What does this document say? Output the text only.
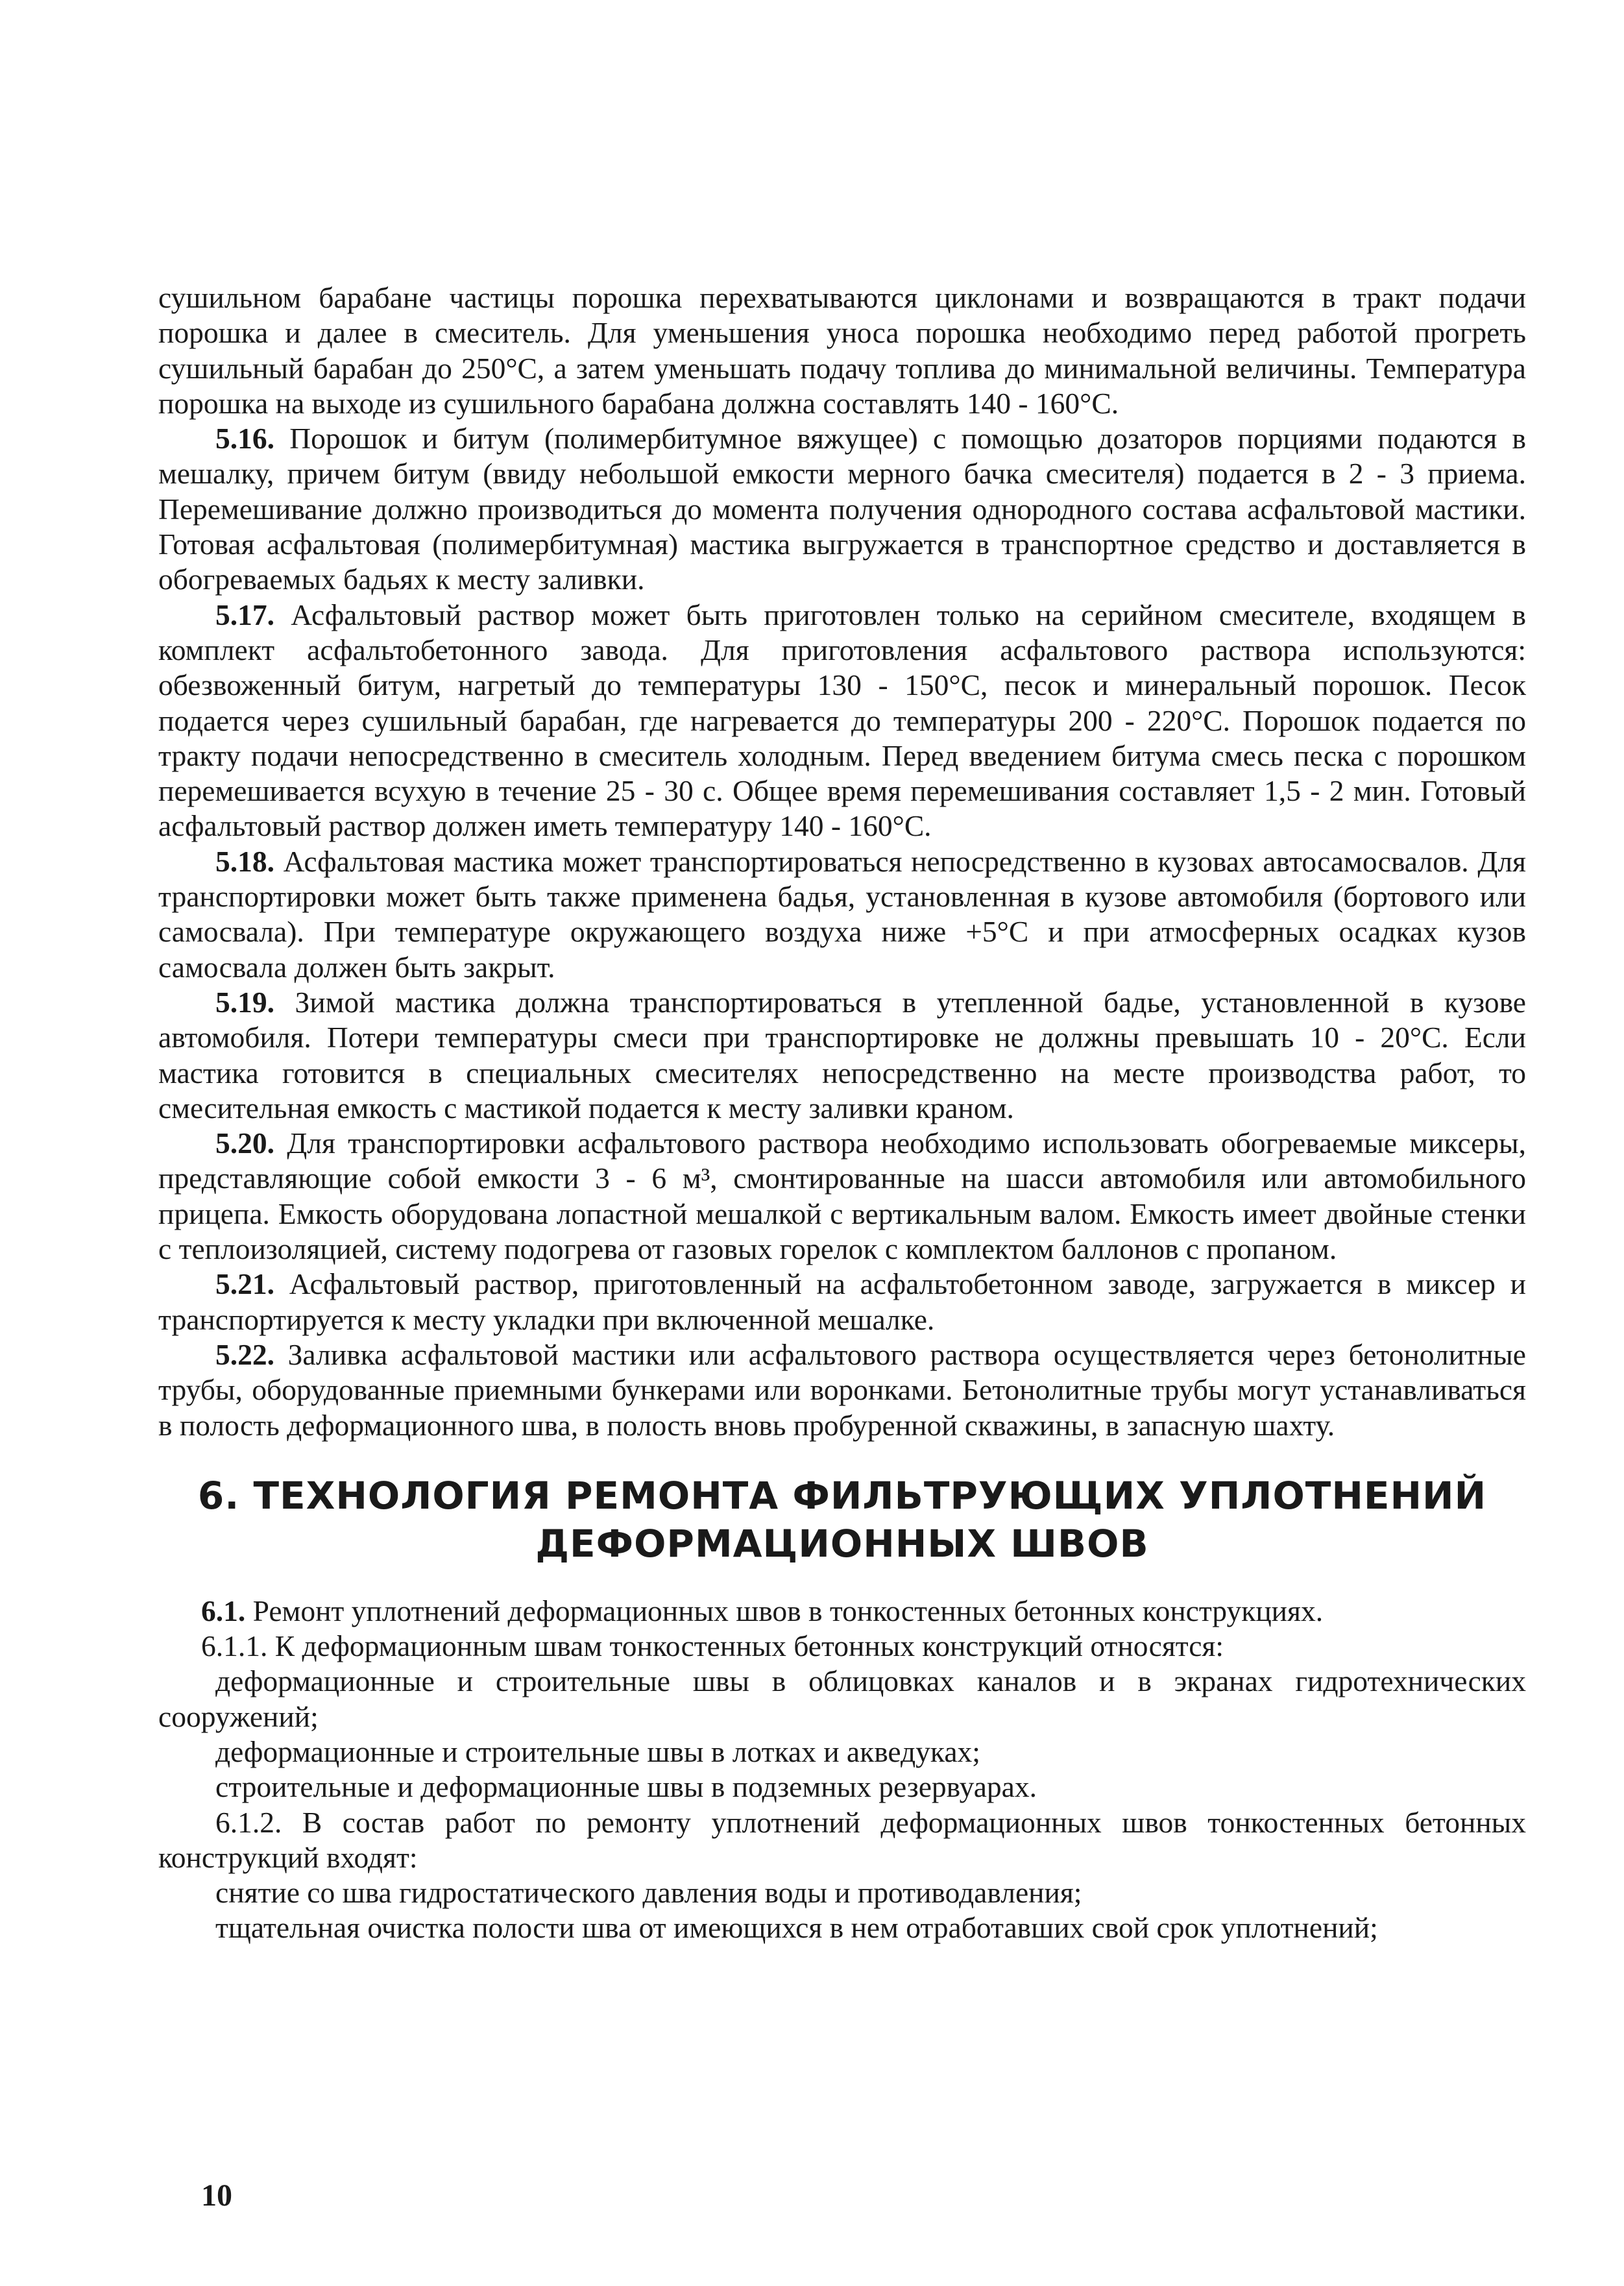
сушильном барабане частицы порошка перехватываются циклонами и возвращаются в тракт подачи порошка и далее в смеситель. Для уменьшения уноса порошка необходимо перед работой прогреть сушильный барабан до 250°С, а затем уменьшать подачу топлива до минимальной величины. Температура порошка на выходе из сушильного барабана должна составлять 140 - 160°С.

5.16. Порошок и битум (полимербитумное вяжущее) с помощью дозаторов порциями подаются в мешалку, причем битум (ввиду небольшой емкости мерного бачка смесителя) подается в 2 - 3 приема. Перемешивание должно производиться до момента получения однородного состава асфальтовой мастики. Готовая асфальтовая (полимербитумная) мастика выгружается в транспортное средство и доставляется в обогреваемых бадьях к месту заливки.

5.17. Асфальтовый раствор может быть приготовлен только на серийном смесителе, входящем в комплект асфальтобетонного завода. Для приготовления асфальтового раствора используются: обезвоженный битум, нагретый до температуры 130 - 150°С, песок и минеральный порошок. Песок подается через сушильный барабан, где нагревается до температуры 200 - 220°С. Порошок подается по тракту подачи непосредственно в смеситель холодным. Перед введением битума смесь песка с порошком перемешивается всухую в течение 25 - 30 с. Общее время перемешивания составляет 1,5 - 2 мин. Готовый асфальтовый раствор должен иметь температуру 140 - 160°С.

5.18. Асфальтовая мастика может транспортироваться непосредственно в кузовах автосамосвалов. Для транспортировки может быть также применена бадья, установленная в кузове автомобиля (бортового или самосвала). При температуре окружающего воздуха ниже +5°С и при атмосферных осадках кузов самосвала должен быть закрыт.

5.19. Зимой мастика должна транспортироваться в утепленной бадье, установленной в кузове автомобиля. Потери температуры смеси при транспортировке не должны превышать 10 - 20°С. Если мастика готовится в специальных смесителях непосредственно на месте производства работ, то смесительная емкость с мастикой подается к месту заливки краном.

5.20. Для транспортировки асфальтового раствора необходимо использовать обогреваемые миксеры, представляющие собой емкости 3 - 6 м³, смонтированные на шасси автомобиля или автомобильного прицепа. Емкость оборудована лопастной мешалкой с вертикальным валом. Емкость имеет двойные стенки с теплоизоляцией, систему подогрева от газовых горелок с комплектом баллонов с пропаном.

5.21. Асфальтовый раствор, приготовленный на асфальтобетонном заводе, загружается в миксер и транспортируется к месту укладки при включенной мешалке.

5.22. Заливка асфальтовой мастики или асфальтового раствора осуществляется через бетонолитные трубы, оборудованные приемными бункерами или воронками. Бетонолитные трубы могут устанавливаться в полость деформационного шва, в полость вновь пробуренной скважины, в запасную шахту.

6. ТЕХНОЛОГИЯ РЕМОНТА ФИЛЬТРУЮЩИХ УПЛОТНЕНИЙ
ДЕФОРМАЦИОННЫХ ШВОВ

6.1. Ремонт уплотнений деформационных швов в тонкостенных бетонных конструкциях.

6.1.1. К деформационным швам тонкостенных бетонных конструкций относятся:

деформационные и строительные швы в облицовках каналов и в экранах гидротехнических сооружений;

деформационные и строительные швы в лотках и акведуках;

строительные и деформационные швы в подземных резервуарах.

6.1.2. В состав работ по ремонту уплотнений деформационных швов тонкостенных бетонных конструкций входят:

снятие со шва гидростатического давления воды и противодавления;

тщательная очистка полости шва от имеющихся в нем отработавших свой срок уплотнений;

10
